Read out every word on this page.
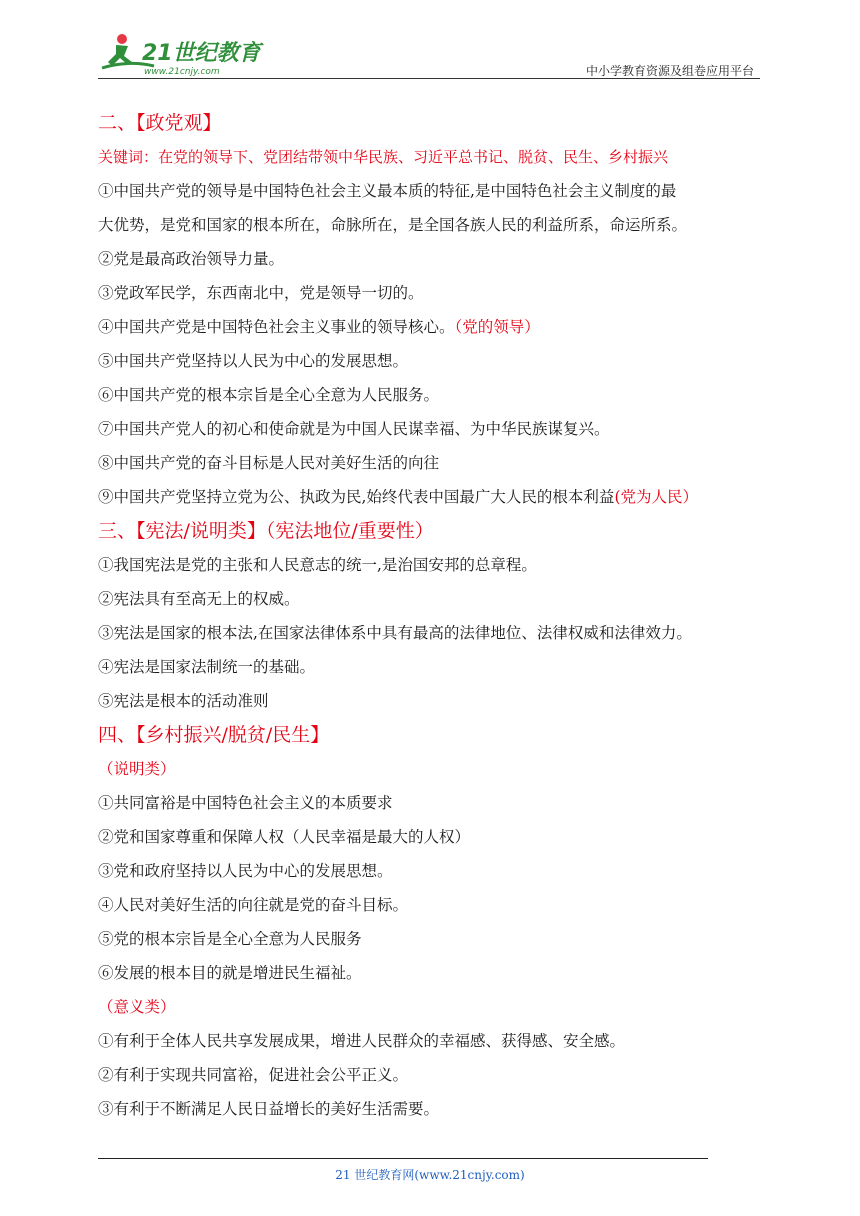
21世纪教育
www.21cnjy.com	中小学教育资源及组卷应用平台
二、【政党观】
关键词：在党的领导下、党团结带领中华民族、习近平总书记、脱贫、民生、乡村振兴
①中国共产党的领导是中国特色社会主义最本质的特征,是中国特色社会主义制度的最
大优势，是党和国家的根本所在，命脉所在，是全国各族人民的利益所系，命运所系。
②党是最高政治领导力量。
③党政军民学，东西南北中，党是领导一切的。
④中国共产党是中国特色社会主义事业的领导核心。（党的领导）
⑤中国共产党坚持以人民为中心的发展思想。
⑥中国共产党的根本宗旨是全心全意为人民服务。
⑦中国共产党人的初心和使命就是为中国人民谋幸福、为中华民族谋复兴。
⑧中国共产党的奋斗目标是人民对美好生活的向往
⑨中国共产党坚持立党为公、执政为民,始终代表中国最广大人民的根本利益(党为人民）
三、【宪法/说明类】（宪法地位/重要性）
①我国宪法是党的主张和人民意志的统一,是治国安邦的总章程。
②宪法具有至高无上的权威。
③宪法是国家的根本法,在国家法律体系中具有最高的法律地位、法律权威和法律效力。
④宪法是国家法制统一的基础。
⑤宪法是根本的活动准则
四、【乡村振兴/脱贫/民生】
（说明类）
①共同富裕是中国特色社会主义的本质要求
②党和国家尊重和保障人权（人民幸福是最大的人权）
③党和政府坚持以人民为中心的发展思想。
④人民对美好生活的向往就是党的奋斗目标。
⑤党的根本宗旨是全心全意为人民服务
⑥发展的根本目的就是增进民生福祉。
（意义类）
①有利于全体人民共享发展成果，增进人民群众的幸福感、获得感、安全感。
②有利于实现共同富裕，促进社会公平正义。
③有利于不断满足人民日益增长的美好生活需要。
21 世纪教育网(www.21cnjy.com)
